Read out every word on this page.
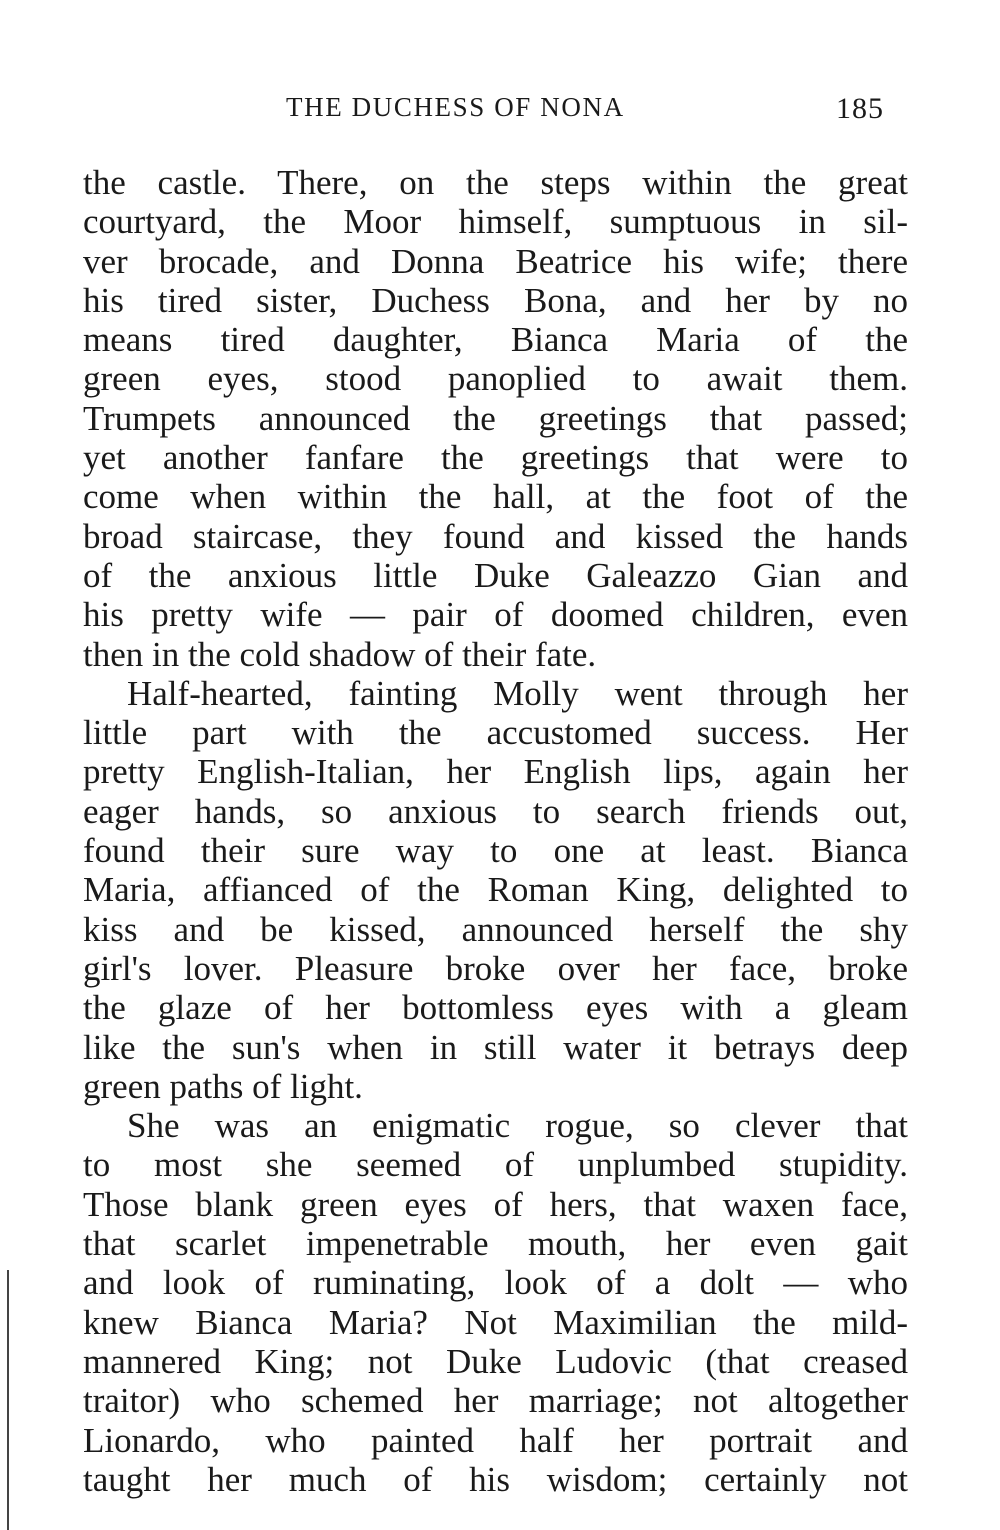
THE DUCHESS OF NONA	185
the castle. There, on the steps within the great
courtyard, the Moor himself, sumptuous in sil-
ver brocade, and Donna Beatrice his wife; there
his tired sister, Duchess Bona, and her by no
means tired daughter, Bianca Maria of the
green eyes, stood panoplied to await them.
Trumpets announced the greetings that passed;
yet another fanfare the greetings that were to
come when within the hall, at the foot of the
broad staircase, they found and kissed the hands
of the anxious little Duke Galeazzo Gian and
his pretty wife — pair of doomed children, even
then in the cold shadow of their fate.
Half-hearted, fainting Molly went through her
little part with the accustomed success. Her
pretty English-Italian, her English lips, again her
eager hands, so anxious to search friends out,
found their sure way to one at least. Bianca
Maria, affianced of the Roman King, delighted to
kiss and be kissed, announced herself the shy
girl's lover. Pleasure broke over her face, broke
the glaze of her bottomless eyes with a gleam
like the sun's when in still water it betrays deep
green paths of light.
She was an enigmatic rogue, so clever that
to most she seemed of unplumbed stupidity.
Those blank green eyes of hers, that waxen face,
that scarlet impenetrable mouth, her even gait
and look of ruminating, look of a dolt — who
knew Bianca Maria? Not Maximilian the mild-
mannered King; not Duke Ludovic (that creased
traitor) who schemed her marriage; not altogether
Lionardo, who painted half her portrait and
taught her much of his wisdom; certainly not
